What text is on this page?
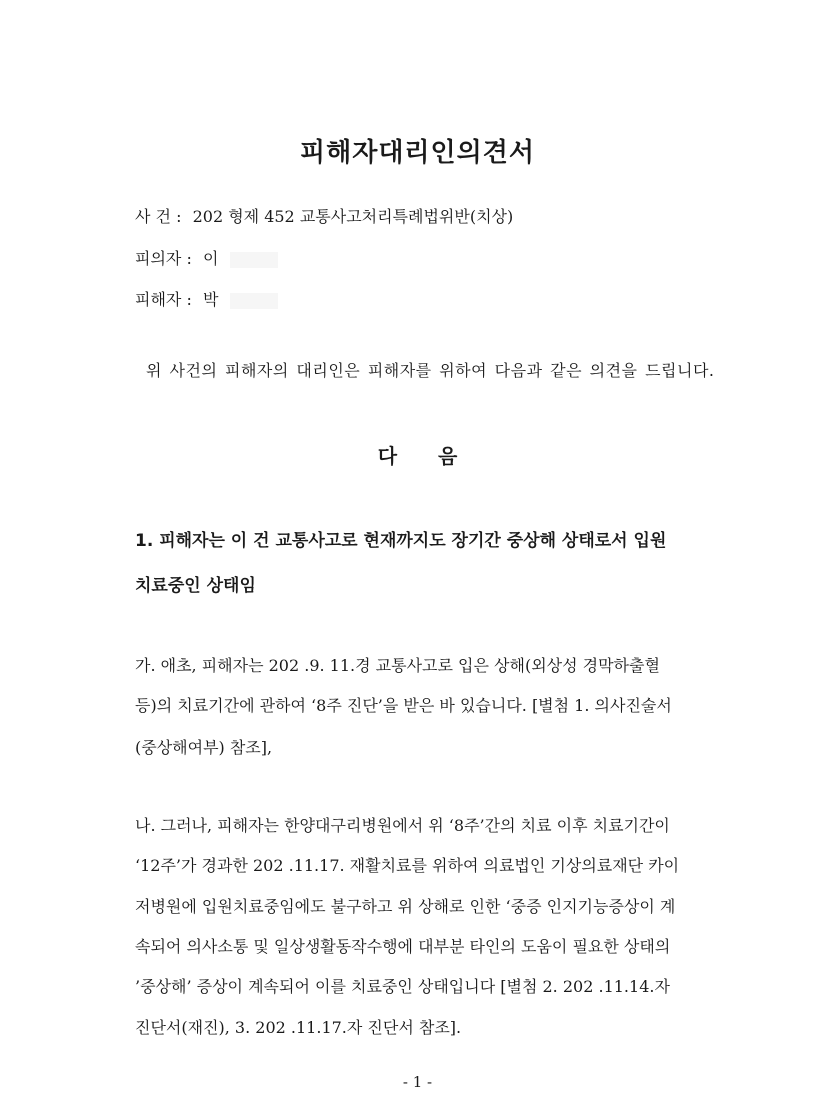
피해자대리인의견서
사 건 : 202 형제 452 교통사고처리특례법위반(치상)
피의자 : 이
피해자 : 박
위 사건의 피해자의 대리인은 피해자를 위하여 다음과 같은 의견을 드립니다.
다 음
1. 피해자는 이 건 교통사고로 현재까지도 장기간 중상해 상태로서 입원
치료중인 상태임
가. 애초, 피해자는 202 .9. 11.경 교통사고로 입은 상해(외상성 경막하출혈
등)의 치료기간에 관하여 ‘8주 진단’을 받은 바 있습니다. [별첨 1. 의사진술서
(중상해여부) 참조],
나. 그러나, 피해자는 한양대구리병원에서 위 ‘8주’간의 치료 이후 치료기간이
‘12주’가 경과한 202 .11.17. 재활치료를 위하여 의료법인 기상의료재단 카이
저병원에 입원치료중임에도 불구하고 위 상해로 인한 ‘중증 인지기능증상이 계
속되어 의사소통 및 일상생활동작수행에 대부분 타인의 도움이 필요한 상태의
’중상해’ 증상이 계속되어 이를 치료중인 상태입니다 [별첨 2. 202 .11.14.자
진단서(재진), 3. 202 .11.17.자 진단서 참조].
- 1 -
